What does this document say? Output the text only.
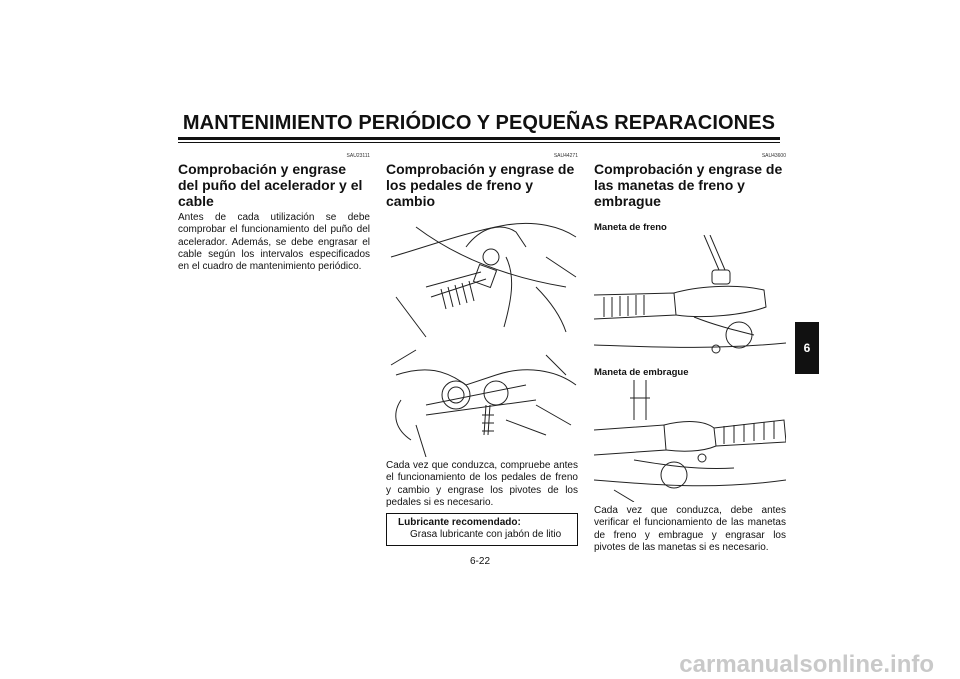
MANTENIMIENTO PERIÓDICO Y PEQUEÑAS REPARACIONES
SAU23111
Comprobación y engrase del puño del acelerador y el cable
Antes de cada utilización se debe comprobar el funcionamiento del puño del acelerador. Además, se debe engrasar el cable según los intervalos especificados en el cuadro de mantenimiento periódico.
SAU44271
Comprobación y engrase de los pedales de freno y cambio
Cada vez que conduzca, compruebe antes el funcionamiento de los pedales de freno y cambio y engrase los pivotes de los pedales si es necesario.
Lubricante recomendado:
Grasa lubricante con jabón de litio
SAU43600
Comprobación y engrase de las manetas de freno y embrague
Maneta de freno
Maneta de embrague
Cada vez que conduzca, debe antes verificar el funcionamiento de las manetas de freno y embrague y engrasar los pivotes de las manetas si es necesario.
6
6-22
carmanualsonline.info
